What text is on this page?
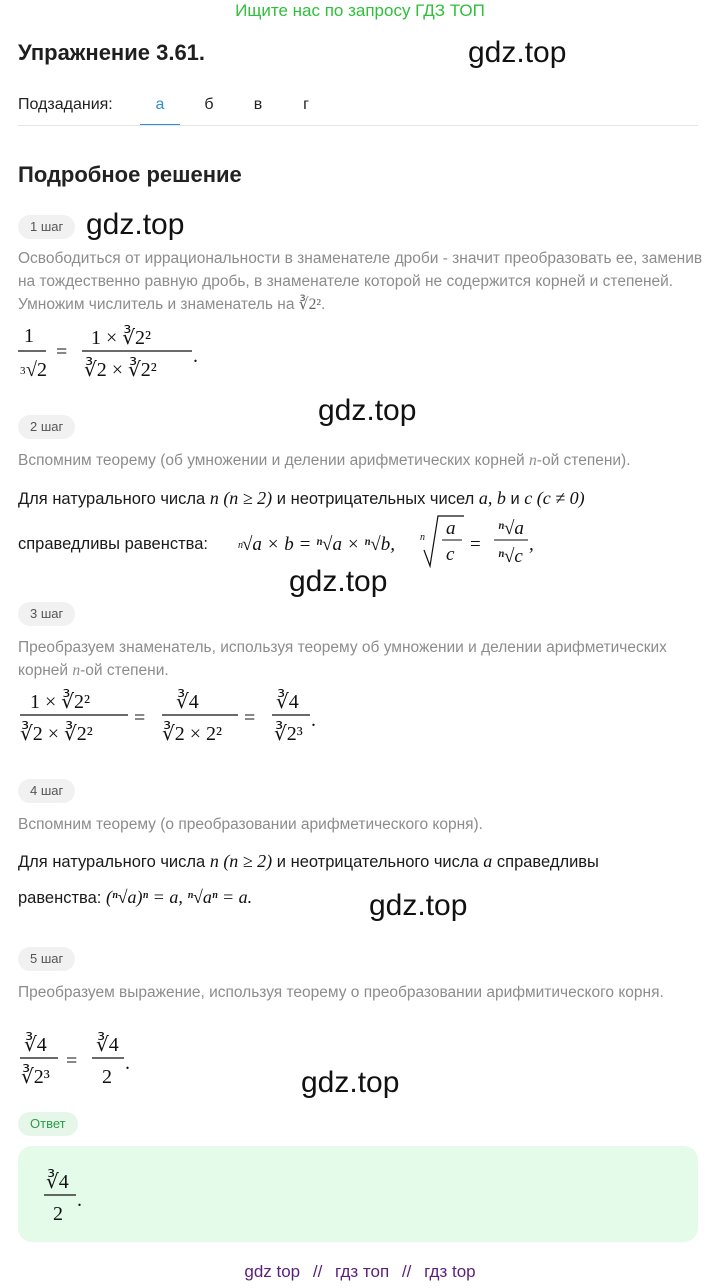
Ищите нас по запросу ГДЗ ТОП
Упражнение 3.61.	gdz.top
Подзадания:	а	б	в	г
Подробное решение
1 шаг gdz.top
Освободиться от иррациональности в знаменателе дроби - значит преобразовать ее, заменив на тождественно равную дробь, в знаменателе которой не содержится корней и степеней. Умножим числитель и знаменатель на ∛2².
1
3 √2
=
1 × ∛2²
∛2 × ∛2²
.
gdz.top
2 шаг
Вспомним теорему (об умножении и делении арифметических корней n-ой степени).
Для натурального числа n (n ≥ 2) и неотрицательных чисел a, b и c (c ≠ 0)
справедливы равенства:	n √a × b = ⁿ√a × ⁿ√b,	n a
c =
ⁿ√a
ⁿ√c
,
gdz.top
3 шаг
Преобразуем знаменатель, используя теорему об умножении и делении арифметических корней n-ой степени.
1 × ∛2²
∛2 × ∛2²
=
∛4
∛2 × 2²
=
∛4
∛2³
.
4 шаг
Вспомним теорему (о преобразовании арифметического корня).
Для натурального числа n (n ≥ 2) и неотрицательного числа a справедливы
равенства: (ⁿ√a)ⁿ = a, ⁿ√aⁿ = a.	gdz.top
5 шаг
Преобразуем выражение, используя теорему о преобразовании арифмитического корня.
∛4
∛2³
=
∛4
2
.
gdz.top
Ответ
∛4
2
.
gdz top // гдз топ // гдз top
